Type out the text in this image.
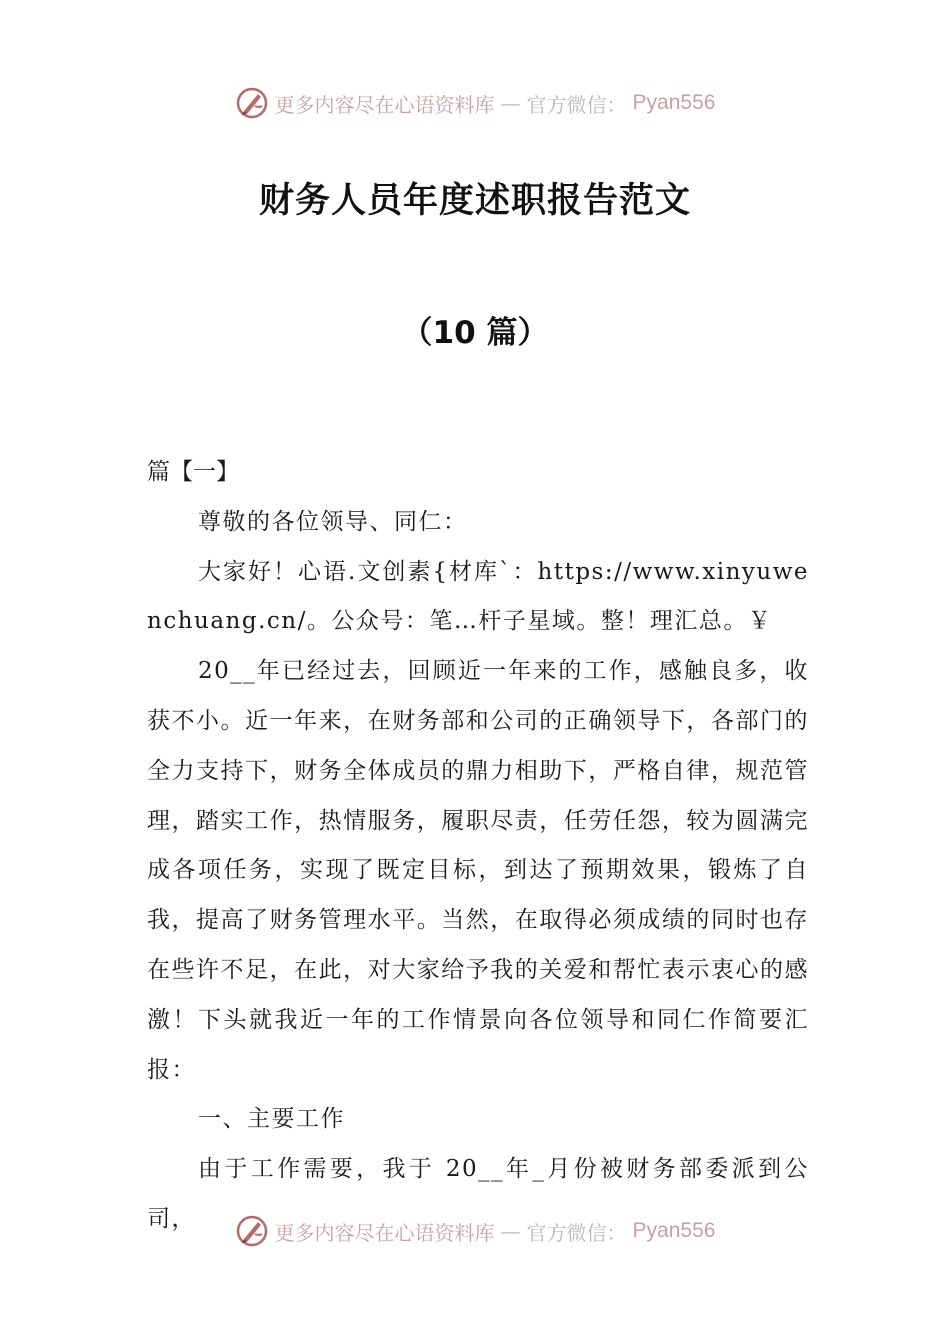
更多内容尽在心语资料库 — 官方微信： Pyan556
财务人员年度述职报告范文
（10 篇）

篇【一】

尊敬的各位领导、同仁：

大家好！心语.文创素{材库`：https://www.xinyuwenchuang.cn/。公众号：笔…杆子星域。整！理汇总。￥

20__年已经过去，回顾近一年来的工作，感触良多，收获不小。近一年来，在财务部和公司的正确领导下，各部门的全力支持下，财务全体成员的鼎力相助下，严格自律，规范管理，踏实工作，热情服务，履职尽责，任劳任怨，较为圆满完成各项任务，实现了既定目标，到达了预期效果，锻炼了自我，提高了财务管理水平。当然，在取得必须成绩的同时也存在些许不足，在此，对大家给予我的关爱和帮忙表示衷心的感激！下头就我近一年的工作情景向各位领导和同仁作简要汇报：

一、主要工作

由于工作需要，我于 20__年_月份被财务部委派到公司，

更多内容尽在心语资料库 — 官方微信： Pyan556
